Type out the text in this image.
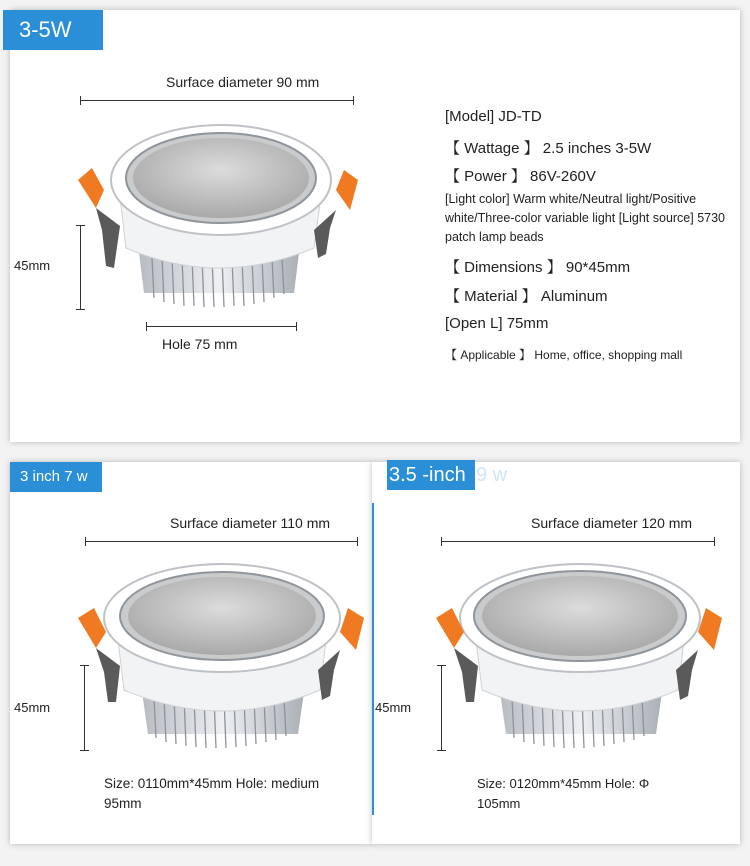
3-5W
3 inch 7 w	3.5 -inch 9 w
Surface diameter 90 mm
45mm
Hole 75 mm
[Model] JD-TD
【 Wattage 】 2.5 inches 3-5W
【 Power 】 86V-260V
[Light color] Warm white/Neutral light/Positive white/Three-color variable light [Light source] 5730 patch lamp beads
【 Dimensions 】 90*45mm
【 Material 】 Aluminum
[Open L] 75mm
【 Applicable 】 Home, office, shopping mall
Surface diameter 110 mm
45mm
Size: 0110mm*45mm Hole: medium 95mm
Surface diameter 120 mm
45mm
Size: 0120mm*45mm Hole: Φ 105mm
